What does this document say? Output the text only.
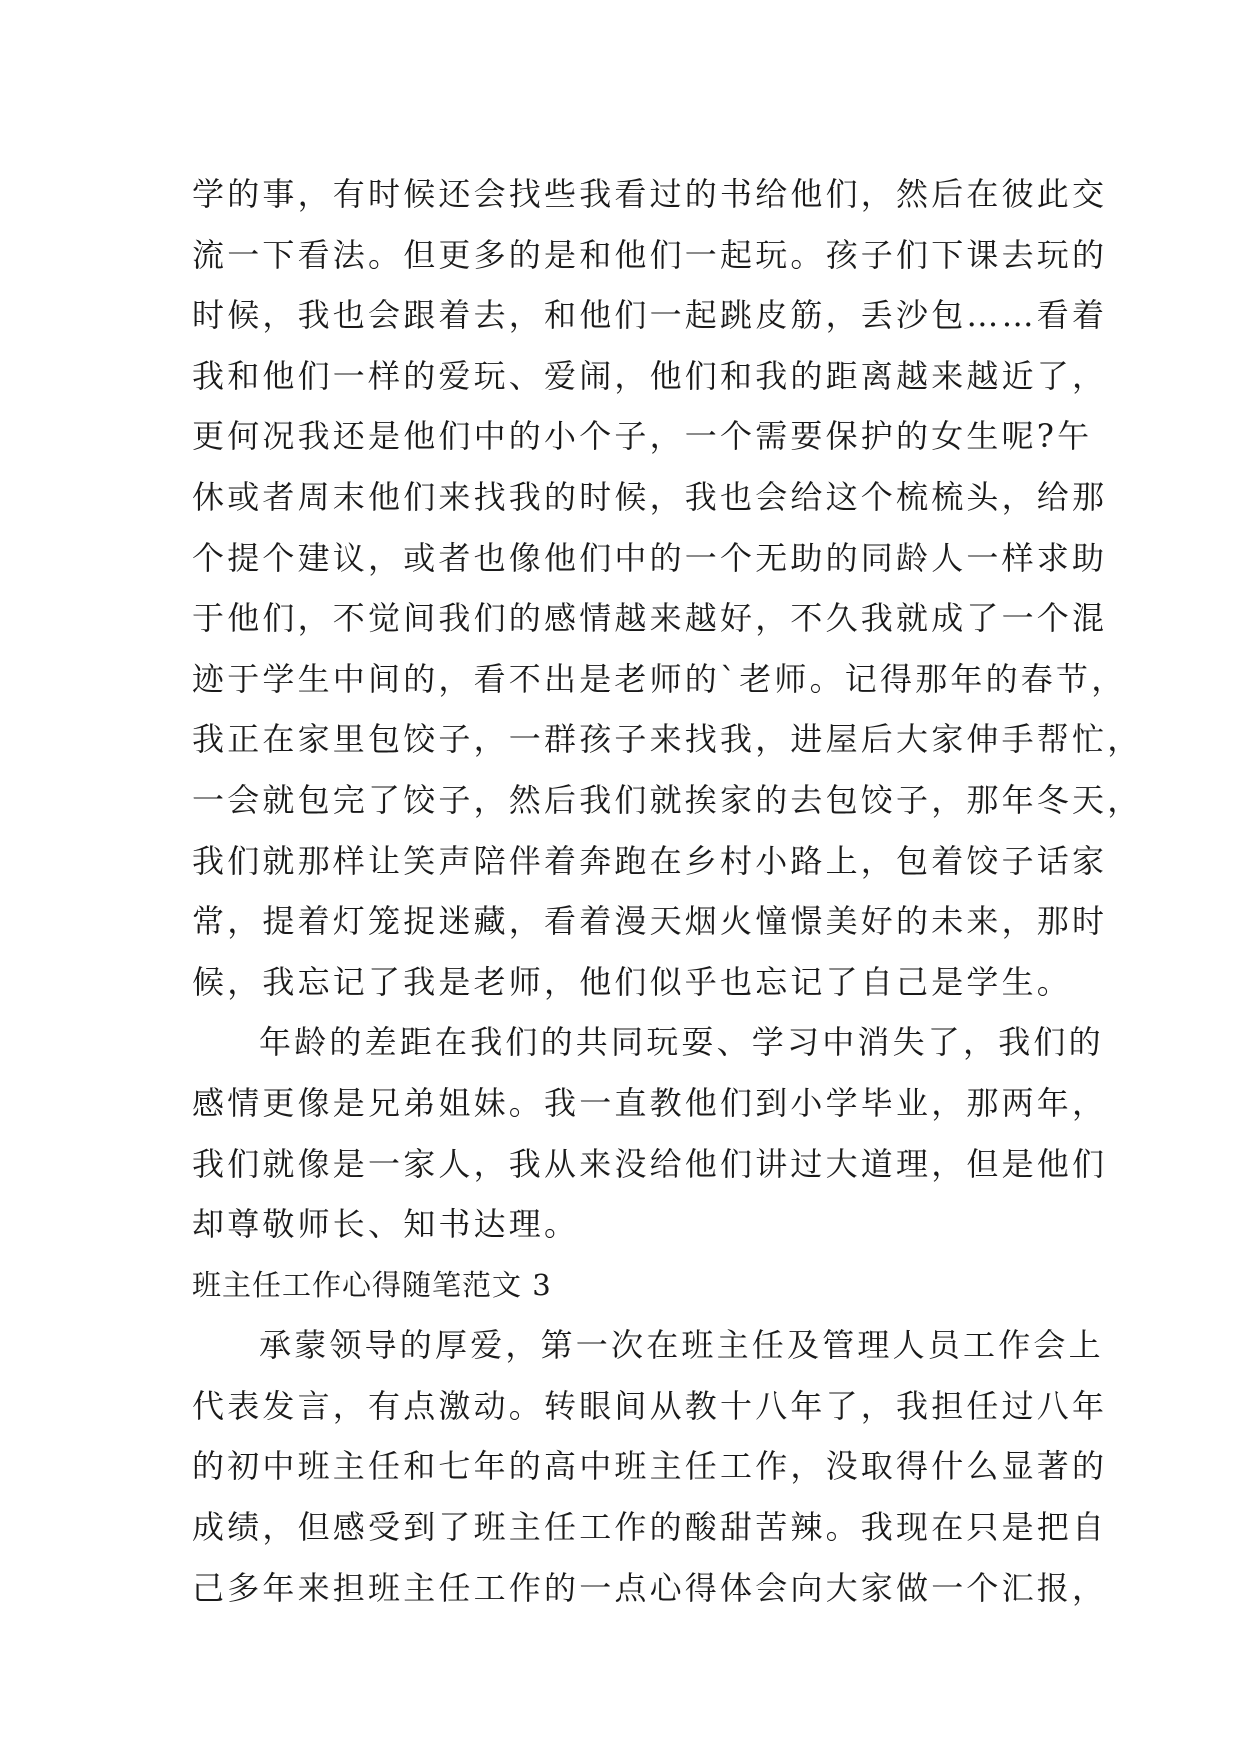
学的事，有时候还会找些我看过的书给他们，然后在彼此交
流一下看法。但更多的是和他们一起玩。孩子们下课去玩的
时候，我也会跟着去，和他们一起跳皮筋，丢沙包……看着
我和他们一样的爱玩、爱闹，他们和我的距离越来越近了，
更何况我还是他们中的小个子，一个需要保护的女生呢?午
休或者周末他们来找我的时候，我也会给这个梳梳头，给那
个提个建议，或者也像他们中的一个无助的同龄人一样求助
于他们，不觉间我们的感情越来越好，不久我就成了一个混
迹于学生中间的，看不出是老师的`老师。记得那年的春节，
我正在家里包饺子，一群孩子来找我，进屋后大家伸手帮忙，
一会就包完了饺子，然后我们就挨家的去包饺子，那年冬天，
我们就那样让笑声陪伴着奔跑在乡村小路上，包着饺子话家
常，提着灯笼捉迷藏，看着漫天烟火憧憬美好的未来，那时
候，我忘记了我是老师，他们似乎也忘记了自己是学生。
年龄的差距在我们的共同玩耍、学习中消失了，我们的
感情更像是兄弟姐妹。我一直教他们到小学毕业，那两年，
我们就像是一家人，我从来没给他们讲过大道理，但是他们
却尊敬师长、知书达理。
班主任工作心得随笔范文 3
承蒙领导的厚爱，第一次在班主任及管理人员工作会上
代表发言，有点激动。转眼间从教十八年了，我担任过八年
的初中班主任和七年的高中班主任工作，没取得什么显著的
成绩，但感受到了班主任工作的酸甜苦辣。我现在只是把自
己多年来担班主任工作的一点心得体会向大家做一个汇报，
